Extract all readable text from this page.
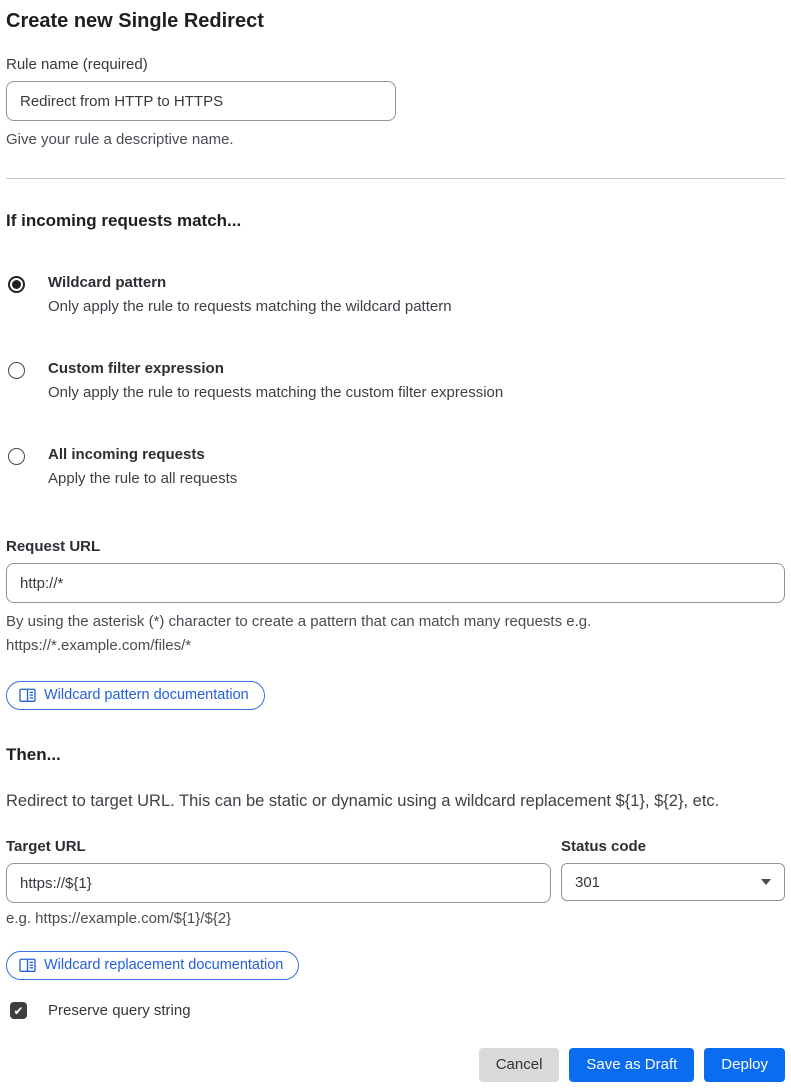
Create new Single Redirect
Rule name (required)
Redirect from HTTP to HTTPS
Give your rule a descriptive name.
If incoming requests match...
Wildcard pattern
Only apply the rule to requests matching the wildcard pattern
Custom filter expression
Only apply the rule to requests matching the custom filter expression
All incoming requests
Apply the rule to all requests
Request URL
http://*
By using the asterisk (*) character to create a pattern that can match many requests e.g.
https://*.example.com/files/*
Wildcard pattern documentation
Then...
Redirect to target URL. This can be static or dynamic using a wildcard replacement ${1}, ${2}, etc.
Target URL
https://${1}
e.g. https://example.com/${1}/${2}
Status code
301
Wildcard replacement documentation
✔ Preserve query string
Cancel	Save as Draft	Deploy
